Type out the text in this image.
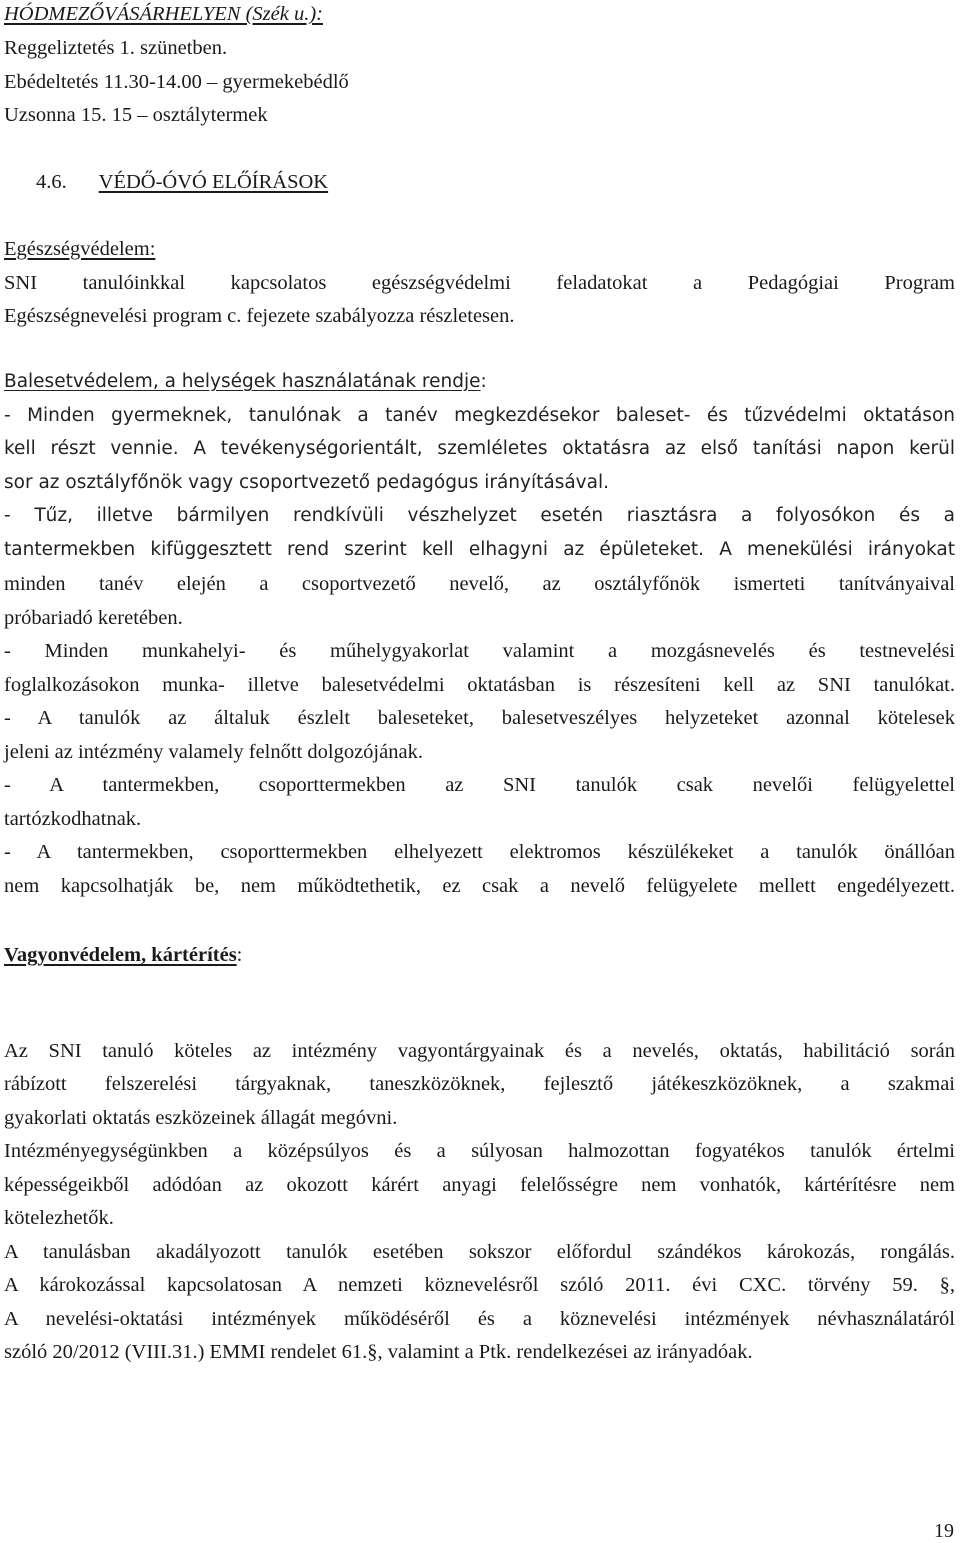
HÓDMEZŐVÁSÁRHELYEN (Szék u.):
Reggeliztetés 1. szünetben.
Ebédeltetés 11.30-14.00 – gyermekebédlő
Uzsonna 15. 15 – osztálytermek
4.6. VÉDŐ-ÓVÓ ELŐÍRÁSOK
Egészségvédelem:
SNI tanulóinkkal kapcsolatos egészségvédelmi feladatokat a Pedagógiai Program
Egészségnevelési program c. fejezete szabályozza részletesen.
Balesetvédelem, a helységek használatának rendje:
- Minden gyermeknek, tanulónak a tanév megkezdésekor baleset- és tűzvédelmi oktatáson
kell részt vennie. A tevékenységorientált, szemléletes oktatásra az első tanítási napon kerül
sor az osztályfőnök vagy csoportvezető pedagógus irányításával.
- Tűz, illetve bármilyen rendkívüli vészhelyzet esetén riasztásra a folyosókon és a
tantermekben kifüggesztett rend szerint kell elhagyni az épületeket. A menekülési irányokat
minden tanév elején a csoportvezető nevelő, az osztályfőnök ismerteti tanítványaival
próbariadó keretében.
- Minden munkahelyi- és műhelygyakorlat valamint a mozgásnevelés és testnevelési
foglalkozásokon munka- illetve balesetvédelmi oktatásban is részesíteni kell az SNI tanulókat.
- A tanulók az általuk észlelt baleseteket, balesetveszélyes helyzeteket azonnal kötelesek
jeleni az intézmény valamely felnőtt dolgozójának.
- A tantermekben, csoporttermekben az SNI tanulók csak nevelői felügyelettel
tartózkodhatnak.
- A tantermekben, csoporttermekben elhelyezett elektromos készülékeket a tanulók önállóan
nem kapcsolhatják be, nem működtethetik, ez csak a nevelő felügyelete mellett engedélyezett.
Vagyonvédelem, kártérítés:
Az SNI tanuló köteles az intézmény vagyontárgyainak és a nevelés, oktatás, habilitáció során
rábízott felszerelési tárgyaknak, taneszközöknek, fejlesztő játékeszközöknek, a szakmai
gyakorlati oktatás eszközeinek állagát megóvni.
Intézményegységünkben a középsúlyos és a súlyosan halmozottan fogyatékos tanulók értelmi
képességeikből adódóan az okozott kárért anyagi felelősségre nem vonhatók, kártérítésre nem
kötelezhetők.
A tanulásban akadályozott tanulók esetében sokszor előfordul szándékos károkozás, rongálás.
A károkozással kapcsolatosan A nemzeti köznevelésről szóló 2011. évi CXC. törvény 59. §,
A nevelési-oktatási intézmények működéséről és a köznevelési intézmények névhasználatáról
szóló 20/2012 (VIII.31.) EMMI rendelet 61.§, valamint a Ptk. rendelkezései az irányadóak.
19
